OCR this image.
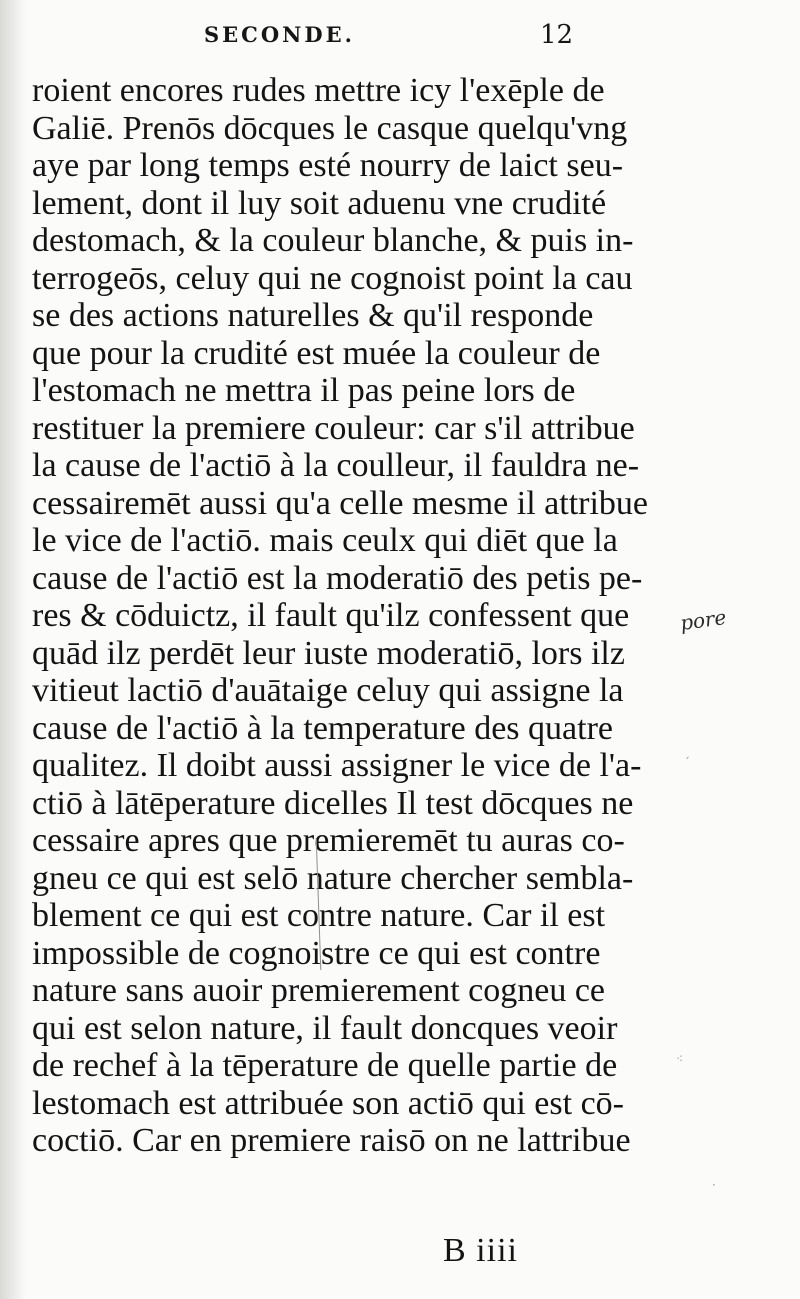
SECONDE.	12
roient encores rudes mettre icy l'exēple de
Galiē. Prenōs dōcques le casque quelqu'vng
aye par long temps esté nourry de laict seu-
lement, dont il luy soit aduenu vne crudité
destomach, & la couleur blanche, & puis in-
terrogeōs, celuy qui ne cognoist point la cau
se des actions naturelles & qu'il responde
que pour la crudité est muée la couleur de
l'estomach ne mettra il pas peine lors de
restituer la premiere couleur: car s'il attribue
la cause de l'actiō à la coulleur, il fauldra ne-
cessairemēt aussi qu'a celle mesme il attribue
le vice de l'actiō. mais ceulx qui diēt que la
cause de l'actiō est la moderatiō des petis pe-
res & cōduictz, il fault qu'ilz confessent que
quād ilz perdēt leur iuste moderatiō, lors ilz
vitieut lactiō d'auātaige celuy qui assigne la
cause de l'actiō à la temperature des quatre
qualitez. Il doibt aussi assigner le vice de l'a-
ctiō à lātēperature dicelles Il test dōcques ne
cessaire apres que premieremēt tu auras co-
gneu ce qui est selō nature chercher sembla-
blement ce qui est contre nature. Car il est
impossible de cognoistre ce qui est contre
nature sans auoir premierement cogneu ce
qui est selon nature, il fault doncques veoir
de rechef à la tēperature de quelle partie de
lestomach est attribuée son actiō qui est cō-
coctiō. Car en premiere raisō on ne lattribue
pore
B iiii
⁖
·
ˏ
